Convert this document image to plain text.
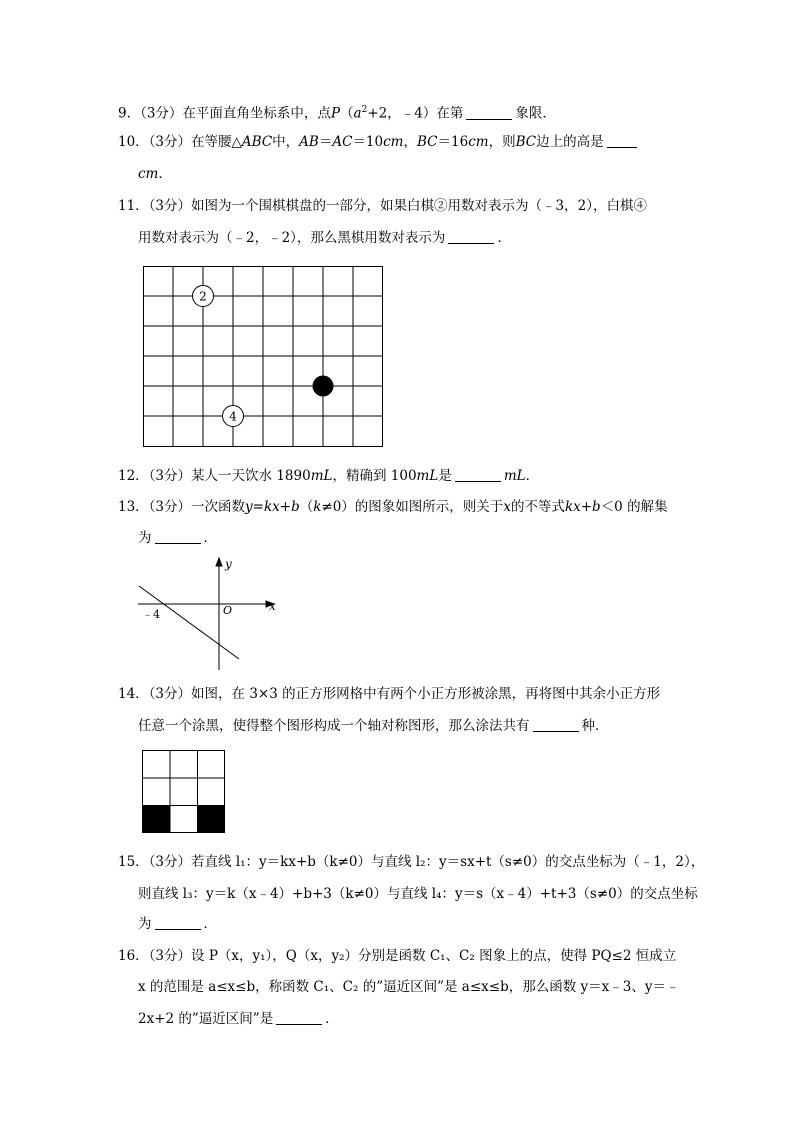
9．（3分）在平面直角坐标系中，点$P(a^2+2$，﹣4）在第	象限．
10．（3分）在等腰△ABC中，AB＝AC＝10cm，BC＝16cm，则BC边上的高是
cm．
11．（3分）如图为一个围棋棋盘的一部分，如果白棋②用数对表示为（﹣3，2），白棋④
用数对表示为（﹣2，﹣2），那么黑棋用数对表示为	．
2
4
12．（3分）某人一天饮水 1890mL，精确到 100mL是	mL．
13．（3分）一次函数y=kx+b（k≠0）的图象如图所示，则关于x的不等式kx+b＜0 的解集
为	．
y
x
O
﹣4
14．（3分）如图，在 3×3 的正方形网格中有两个小正方形被涂黑，再将图中其余小正方形
任意一个涂黑，使得整个图形构成一个轴对称图形，那么涂法共有	种．
15．（3分）若直线 l₁：y＝kx+b（k≠0）与直线 l₂：y＝sx+t（s≠0）的交点坐标为（﹣1，2），
则直线 l₃：y＝k（x﹣4）+b+3（k≠0）与直线 l₄：y＝s（x﹣4）+t+3（s≠0）的交点坐标
为	．
16．（3分）设 P（x，y₁），Q（x，y₂）分别是函数 C₁、C₂ 图象上的点，使得 PQ≤2 恒成立
x 的范围是 a≤x≤b，称函数 C₁、C₂ 的”逼近区间”是 a≤x≤b，那么函数 y＝x﹣3、y＝﹣
2x+2 的”逼近区间”是	．
